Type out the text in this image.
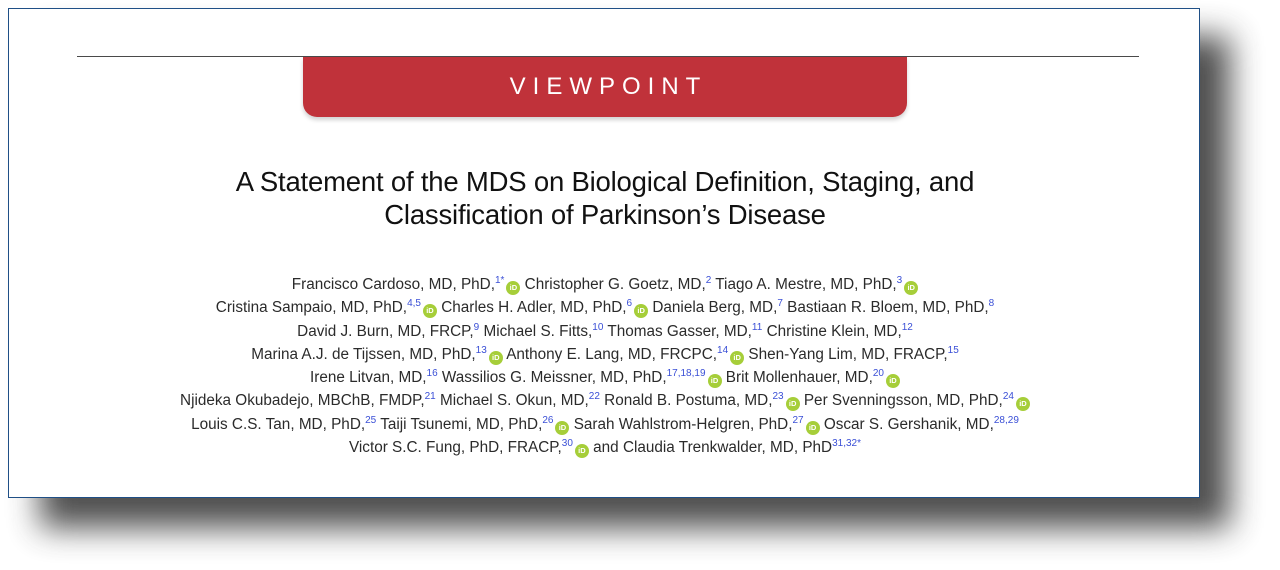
VIEWPOINT
A Statement of the MDS on Biological Definition, Staging, and
Classification of Parkinson’s Disease
Francisco Cardoso, MD, PhD,$^{1*}$iD Christopher G. Goetz, MD,$^2$ Tiago A. Mestre, MD, PhD,$^3$iD
Cristina Sampaio, MD, PhD,$^{4,5}$iD Charles H. Adler, MD, PhD,$^6$iD Daniela Berg, MD,$^7$ Bastiaan R. Bloem, MD, PhD,$^8$
David J. Burn, MD, FRCP,$^9$ Michael S. Fitts,$^{10}$ Thomas Gasser, MD,$^{11}$ Christine Klein, MD,$^{12}$
Marina A.J. de Tijssen, MD, PhD,$^{13}$iD Anthony E. Lang, MD, FRCPC,$^{14}$iD Shen-Yang Lim, MD, FRACP,$^{15}$
Irene Litvan, MD,$^{16}$ Wassilios G. Meissner, MD, PhD,$^{17,18,19}$iD Brit Mollenhauer, MD,$^{20}$iD
Njideka Okubadejo, MBChB, FMDP,$^{21}$ Michael S. Okun, MD,$^{22}$ Ronald B. Postuma, MD,$^{23}$iD Per Svenningsson, MD, PhD,$^{24}$iD
Louis C.S. Tan, MD, PhD,$^{25}$ Taiji Tsunemi, MD, PhD,$^{26}$iD Sarah Wahlstrom-Helgren, PhD,$^{27}$iD Oscar S. Gershanik, MD,$^{28,29}$
Victor S.C. Fung, PhD, FRACP,$^{30}$iD and Claudia Trenkwalder, MD, PhD$^{31,32*}$
